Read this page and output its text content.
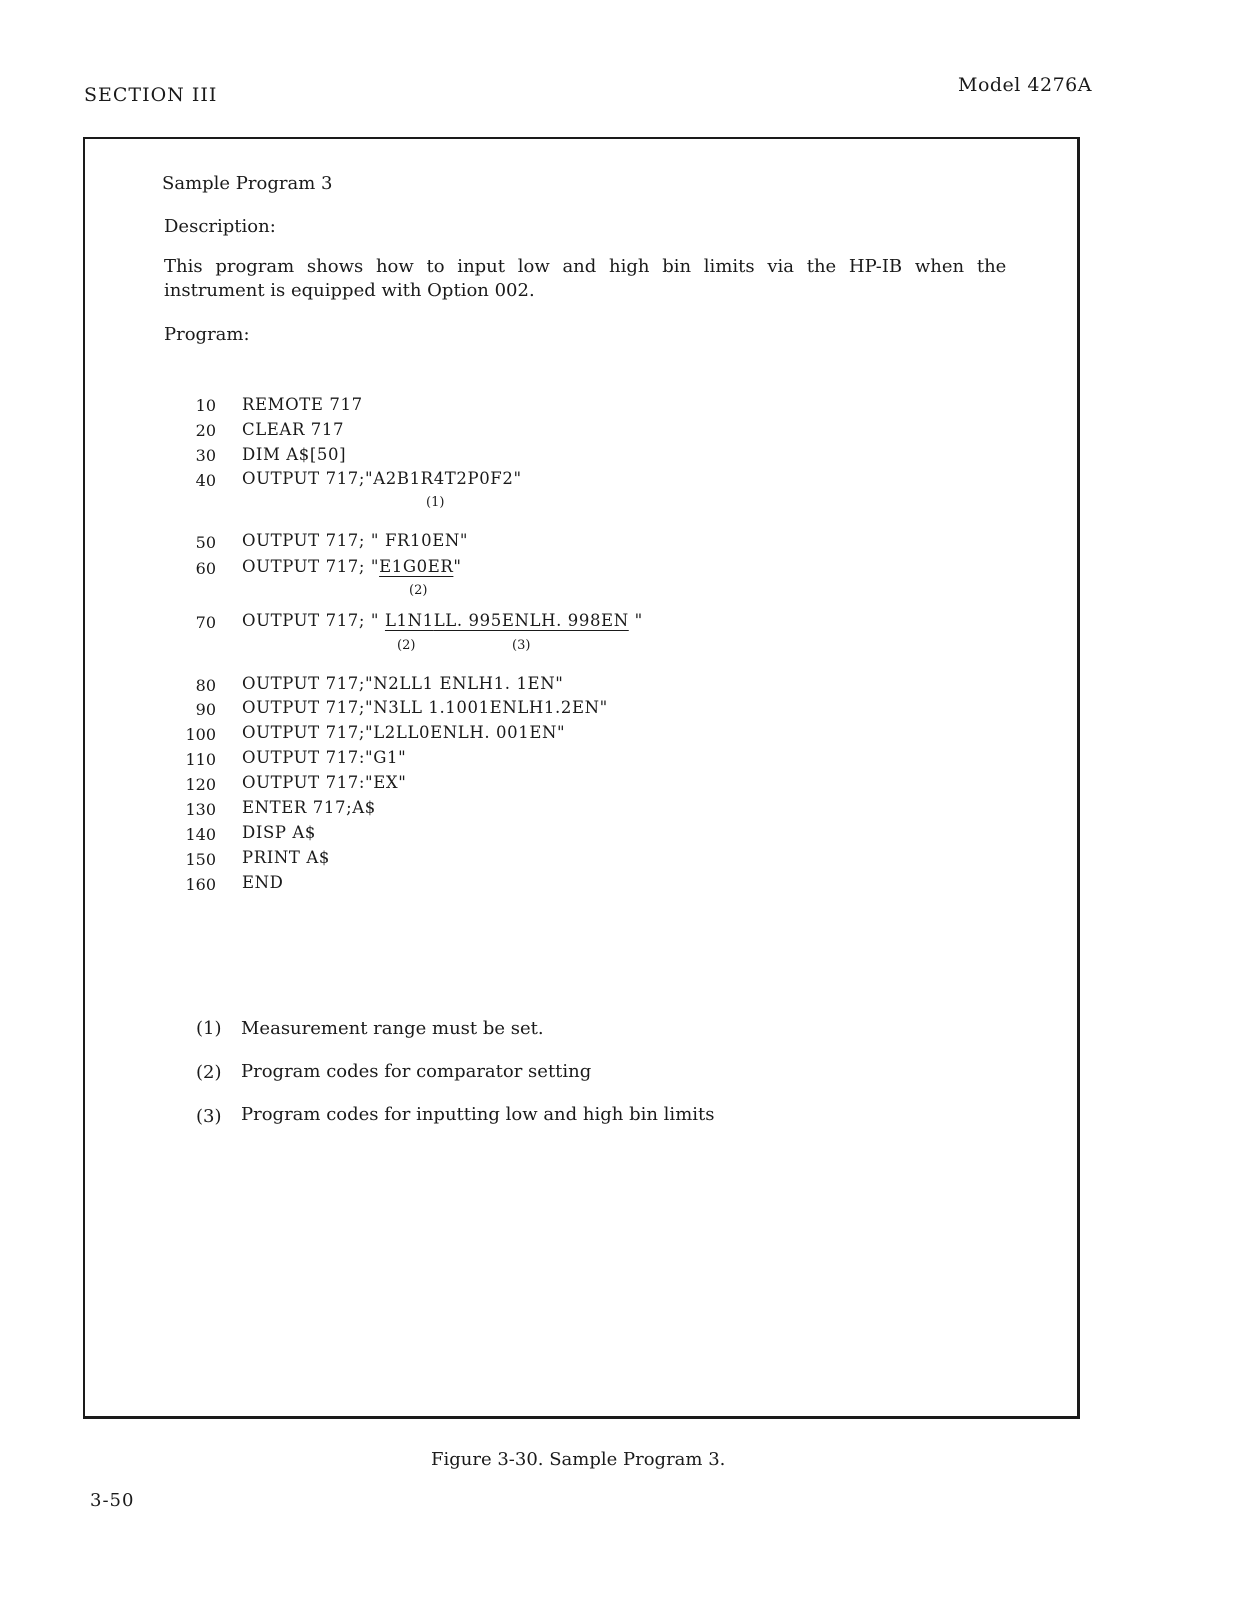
SECTION III	Model 4276A
Sample Program 3
Description:
This program shows how to input low and high bin limits via the HP-IB when the
instrument is equipped with Option 002.
Program:
10 REMOTE 717
20 CLEAR 717
30 DIM A$[50]
40 OUTPUT 717;"A2B1R4T2P0F2"
(1)
50 OUTPUT 717; " FR10EN"
60 OUTPUT 717; "E1G0ER"
(2)
70 OUTPUT 717; " L1N1LL. 995ENLH. 998EN "
(2)	(3)
80 OUTPUT 717;"N2LL1 ENLH1. 1EN"
90 OUTPUT 717;"N3LL 1.1001ENLH1.2EN"
100 OUTPUT 717;"L2LL0ENLH. 001EN"
110 OUTPUT 717:"G1"
120 OUTPUT 717:"EX"
130 ENTER 717;A$
140 DISP A$
150 PRINT A$
160 END
(1) Measurement range must be set.
(2) Program codes for comparator setting
(3) Program codes for inputting low and high bin limits
Figure 3-30. Sample Program 3.
3-50
